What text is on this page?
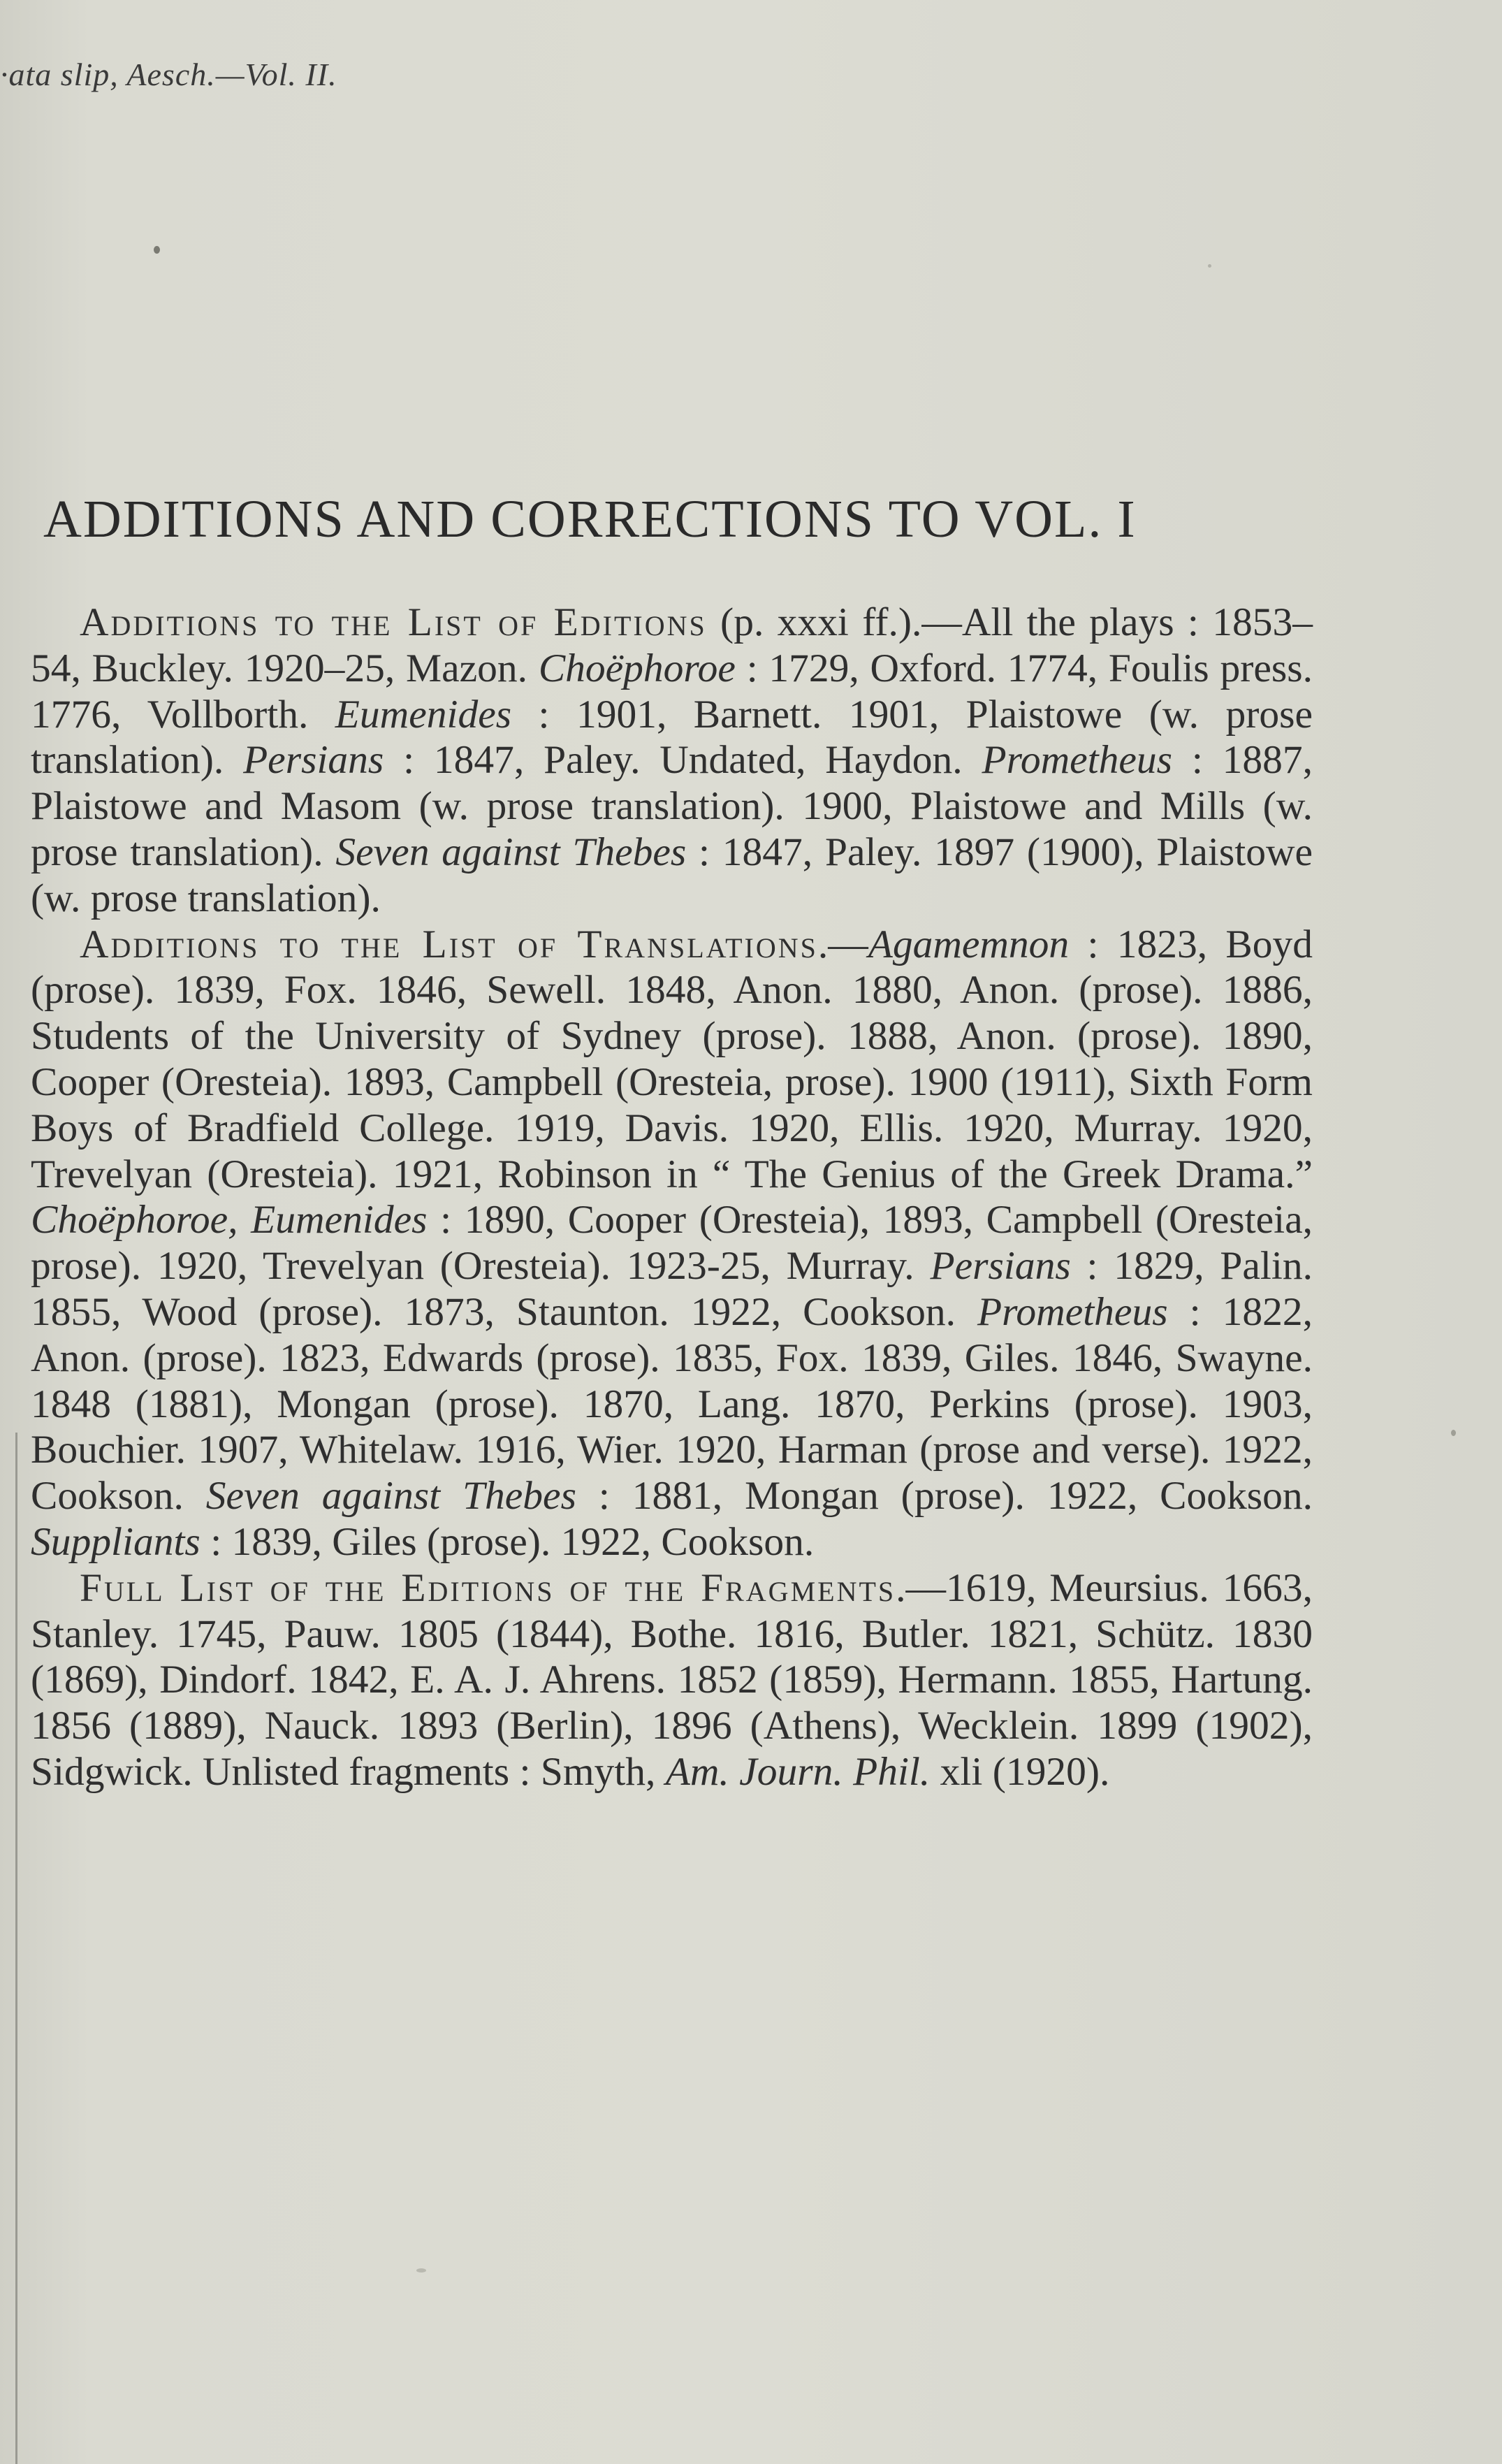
·ata slip, Aesch.—Vol. II.
ADDITIONS AND CORRECTIONS TO VOL. I

Additions to the List of Editions (p. xxxi ff.).—All the plays : 1853–54, Buckley. 1920–25, Mazon. Choëphoroe : 1729, Oxford. 1774, Foulis press. 1776, Vollborth. Eumenides : 1901, Barnett. 1901, Plaistowe (w. prose translation). Persians : 1847, Paley. Undated, Haydon. Prometheus : 1887, Plaistowe and Masom (w. prose translation). 1900, Plaistowe and Mills (w. prose translation). Seven against Thebes : 1847, Paley. 1897 (1900), Plaistowe (w. prose translation).

Additions to the List of Translations.—Agamemnon : 1823, Boyd (prose). 1839, Fox. 1846, Sewell. 1848, Anon. 1880, Anon. (prose). 1886, Students of the University of Sydney (prose). 1888, Anon. (prose). 1890, Cooper (Oresteia). 1893, Campbell (Oresteia, prose). 1900 (1911), Sixth Form Boys of Bradfield College. 1919, Davis. 1920, Ellis. 1920, Murray. 1920, Trevelyan (Oresteia). 1921, Robinson in “ The Genius of the Greek Drama.” Choëphoroe, Eumenides : 1890, Cooper (Oresteia), 1893, Campbell (Oresteia, prose). 1920, Trevelyan (Oresteia). 1923-25, Murray. Persians : 1829, Palin. 1855, Wood (prose). 1873, Staunton. 1922, Cookson. Prometheus : 1822, Anon. (prose). 1823, Edwards (prose). 1835, Fox. 1839, Giles. 1846, Swayne. 1848 (1881), Mongan (prose). 1870, Lang. 1870, Perkins (prose). 1903, Bouchier. 1907, Whitelaw. 1916, Wier. 1920, Harman (prose and verse). 1922, Cookson. Seven against Thebes : 1881, Mongan (prose). 1922, Cookson. Suppliants : 1839, Giles (prose). 1922, Cookson.

Full List of the Editions of the Fragments.—1619, Meursius. 1663, Stanley. 1745, Pauw. 1805 (1844), Bothe. 1816, Butler. 1821, Schütz. 1830 (1869), Dindorf. 1842, E. A. J. Ahrens. 1852 (1859), Hermann. 1855, Hartung. 1856 (1889), Nauck. 1893 (Berlin), 1896 (Athens), Wecklein. 1899 (1902), Sidgwick. Unlisted fragments : Smyth, Am. Journ. Phil. xli (1920).
